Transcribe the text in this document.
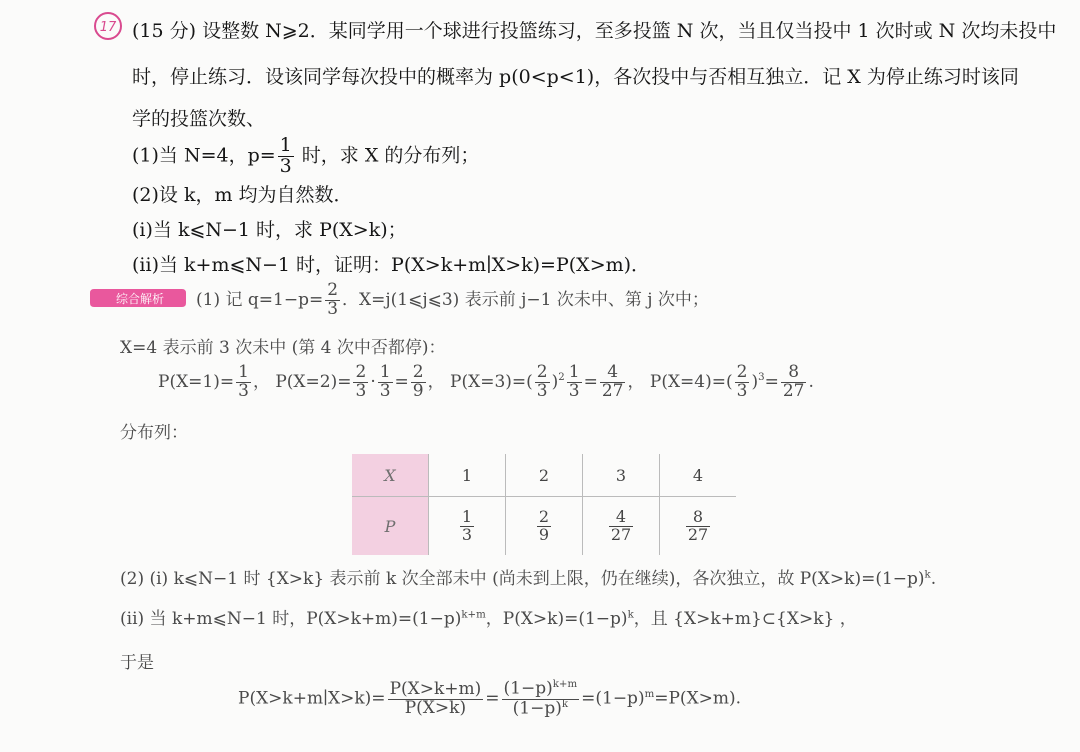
17 (15 分) 设整数 N⩾2．某同学用一个球进行投篮练习，至多投篮 N 次，当且仅当投中 1 次时或 N 次均未投中
时，停止练习．设该同学每次投中的概率为 p(0<p<1)，各次投中与否相互独立．记 X 为停止练习时该同
学的投篮次数、
(1)当 N=4，$p= \frac{1}{3}$ 时，求 X 的分布列；
(2)设 k，m 均为自然数．
(i)当 k⩽N−1 时，求 P(X>k)；
(ii)当 k+m⩽N−1 时，证明：P(X>k+m∣X>k)=P(X>m)．
综合解析 (1) 记 $q=1-p= \frac{2}{3}$ ．X=j(1⩽j⩽3) 表示前 j−1 次未中、第 j 次中；
X=4 表示前 3 次未中 (第 4 次中否都停)：
$P(X=1)= \frac{1}{3}$ ， $P(X=2)= \frac{2}{3} \cdot \frac{1}{3} = \frac{2}{9}$ ， $P(X=3)=( \frac{2}{3} )^2 \frac{1}{3} = \frac{4}{27}$ ， $P(X=4)=( \frac{2}{3} )^3= \frac{8}{27}$ .
分布列：
X	1	2	3	4
P	$\frac{1}{3}$	$\frac{2}{9}$	$\frac{4}{27}$	$\frac{8}{27}$
(2) (i) k⩽N−1 时 {X>k} 表示前 k 次全部未中 (尚未到上限，仍在继续)，各次独立，故 $P(X>k)=(1-p)^k$.
(ii) 当 k+m⩽N−1 时，$P(X>k+m)=(1-p)^{k+m}$，$P(X>k)=(1-p)^k$，且 {X>k+m}⊂{X>k} ，
于是
P(X>k+m∣X>k)= $\frac{P(X>k+m)}{P(X>k)} = \frac{(1-p)^{k+m}}{(1-p)^k} =(1-p)^m=P(X>m)$.
